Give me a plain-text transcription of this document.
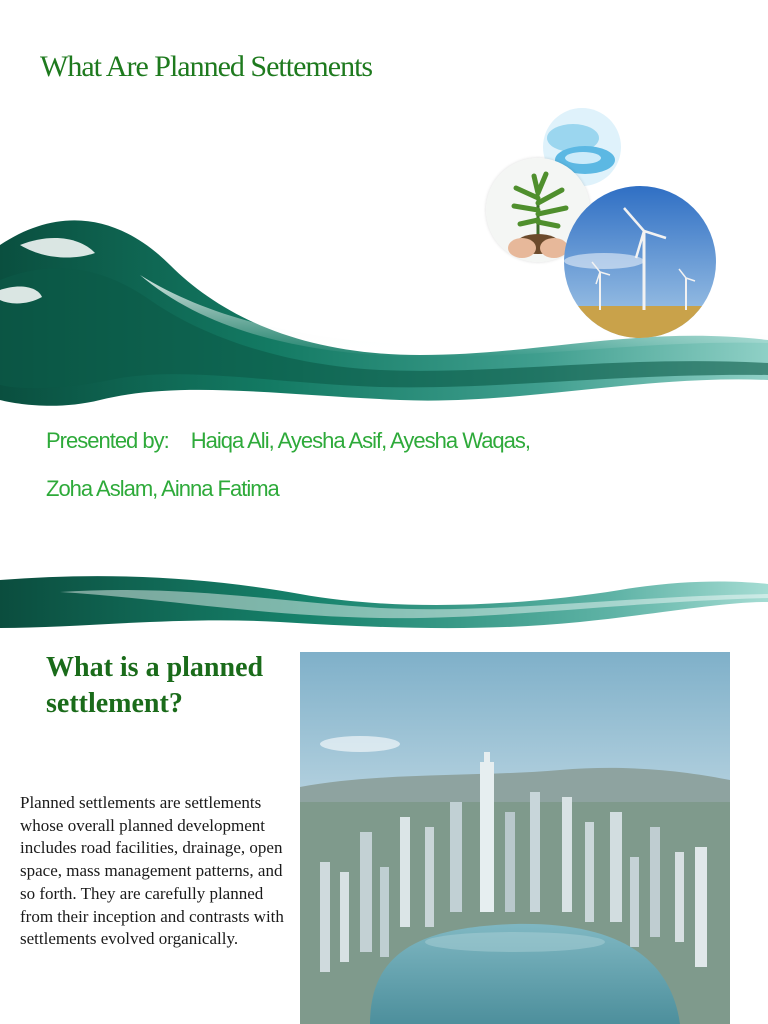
What Are Planned Settements

Presented by: Haiqa Ali, Ayesha Asif, Ayesha Waqas,

Zoha Aslam, Ainna Fatima

What is a planned settlement?

Planned settlements are settlements whose overall planned development includes road facilities, drainage, open space, mass management patterns, and so forth. They are carefully planned from their inception and contrasts with settlements evolved organically.
